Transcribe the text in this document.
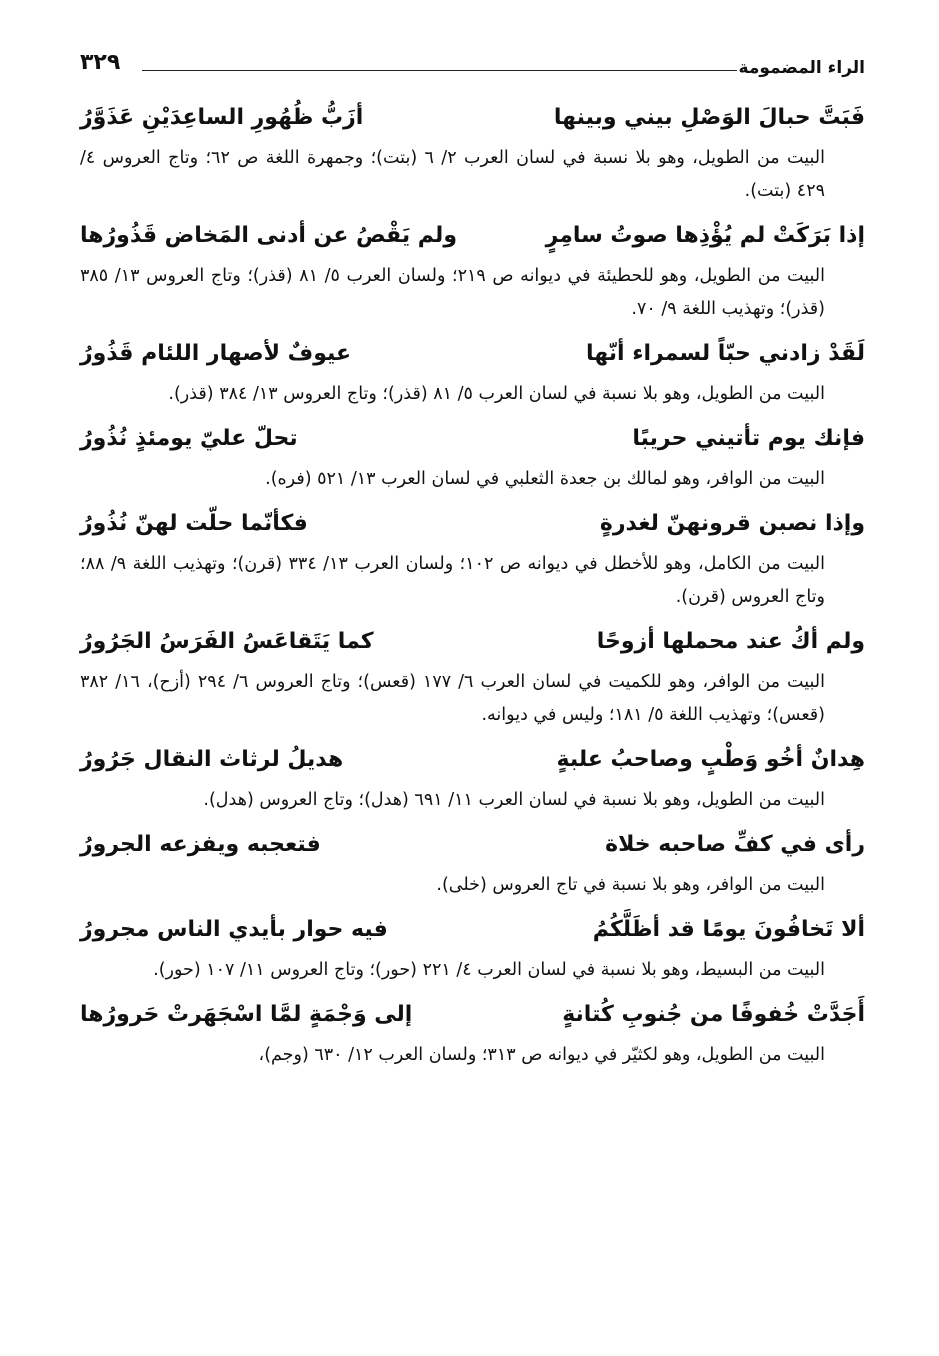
الراء المضمومة
٣٢٩
فَبَتَّ حبالَ الوَصْلِ بيني وبينها
أزَبُّ ظُهُورِ الساعِدَيْنِ عَذَوَّرُ
البيت من الطويل، وهو بلا نسبة في لسان العرب ٢/ ٦ (بتت)؛ وجمهرة اللغة ص ٦٢؛ وتاج العروس ٤/ ٤٢٩ (بتت).
إذا بَرَكَتْ لم يُؤْذِها صوتُ سامِرٍ
ولم يَقْصُ عن أدنى المَخاض قَذُورُها
البيت من الطويل، وهو للحطيئة في ديوانه ص ٢١٩؛ ولسان العرب ٥/ ٨١ (قذر)؛ وتاج العروس ١٣/ ٣٨٥ (قذر)؛ وتهذيب اللغة ٩/ ٧٠.
لَقَدْ زادني حبّاً لسمراء أنّها
عيوفٌ لأصهار اللئام قَذُورُ
البيت من الطويل، وهو بلا نسبة في لسان العرب ٥/ ٨١ (قذر)؛ وتاج العروس ١٣/ ٣٨٤ (قذر).
فإنك يوم تأتيني حريبًا
تحلّ عليّ يومئذٍ نُذُورُ
البيت من الوافر، وهو لمالك بن جعدة الثعلبي في لسان العرب ١٣/ ٥٢١ (فره).
وإذا نصبن قرونهنّ لغدرةٍ
فكأنّما حلّت لهنّ نُذُورُ
البيت من الكامل، وهو للأخطل في ديوانه ص ١٠٢؛ ولسان العرب ١٣/ ٣٣٤ (قرن)؛ وتهذيب اللغة ٩/ ٨٨؛ وتاج العروس (قرن).
ولم أكُ عند محملها أزوحًا
كما يَتَقاعَسُ الفَرَسُ الجَرُورُ
البيت من الوافر، وهو للكميت في لسان العرب ٦/ ١٧٧ (قعس)؛ وتاج العروس ٦/ ٢٩٤ (أزح)، ١٦/ ٣٨٢ (قعس)؛ وتهذيب اللغة ٥/ ١٨١؛ وليس في ديوانه.
هِدانٌ أخُو وَطْبٍ وصاحبُ علبةٍ
هديلُ لرثاث النقال جَرُورُ
البيت من الطويل، وهو بلا نسبة في لسان العرب ١١/ ٦٩١ (هدل)؛ وتاج العروس (هدل).
رأى في كفِّ صاحبه خلاة
فتعجبه ويفزعه الجرورُ
البيت من الوافر، وهو بلا نسبة في تاج العروس (خلى).
ألا تَخافُونَ يومًا قد أظَلَّكُمُ
فيه حوار بأيدي الناس مجرورُ
البيت من البسيط، وهو بلا نسبة في لسان العرب ٤/ ٢٢١ (حور)؛ وتاج العروس ١١/ ١٠٧ (حور).
أَجَدَّتْ خُفوفًا من جُنوبِ كُتانةٍ
إلى وَجْمَةٍ لمَّا اسْجَهَرتْ حَرورُها
البيت من الطويل، وهو لكثيّر في ديوانه ص ٣١٣؛ ولسان العرب ١٢/ ٦٣٠ (وجم)،
